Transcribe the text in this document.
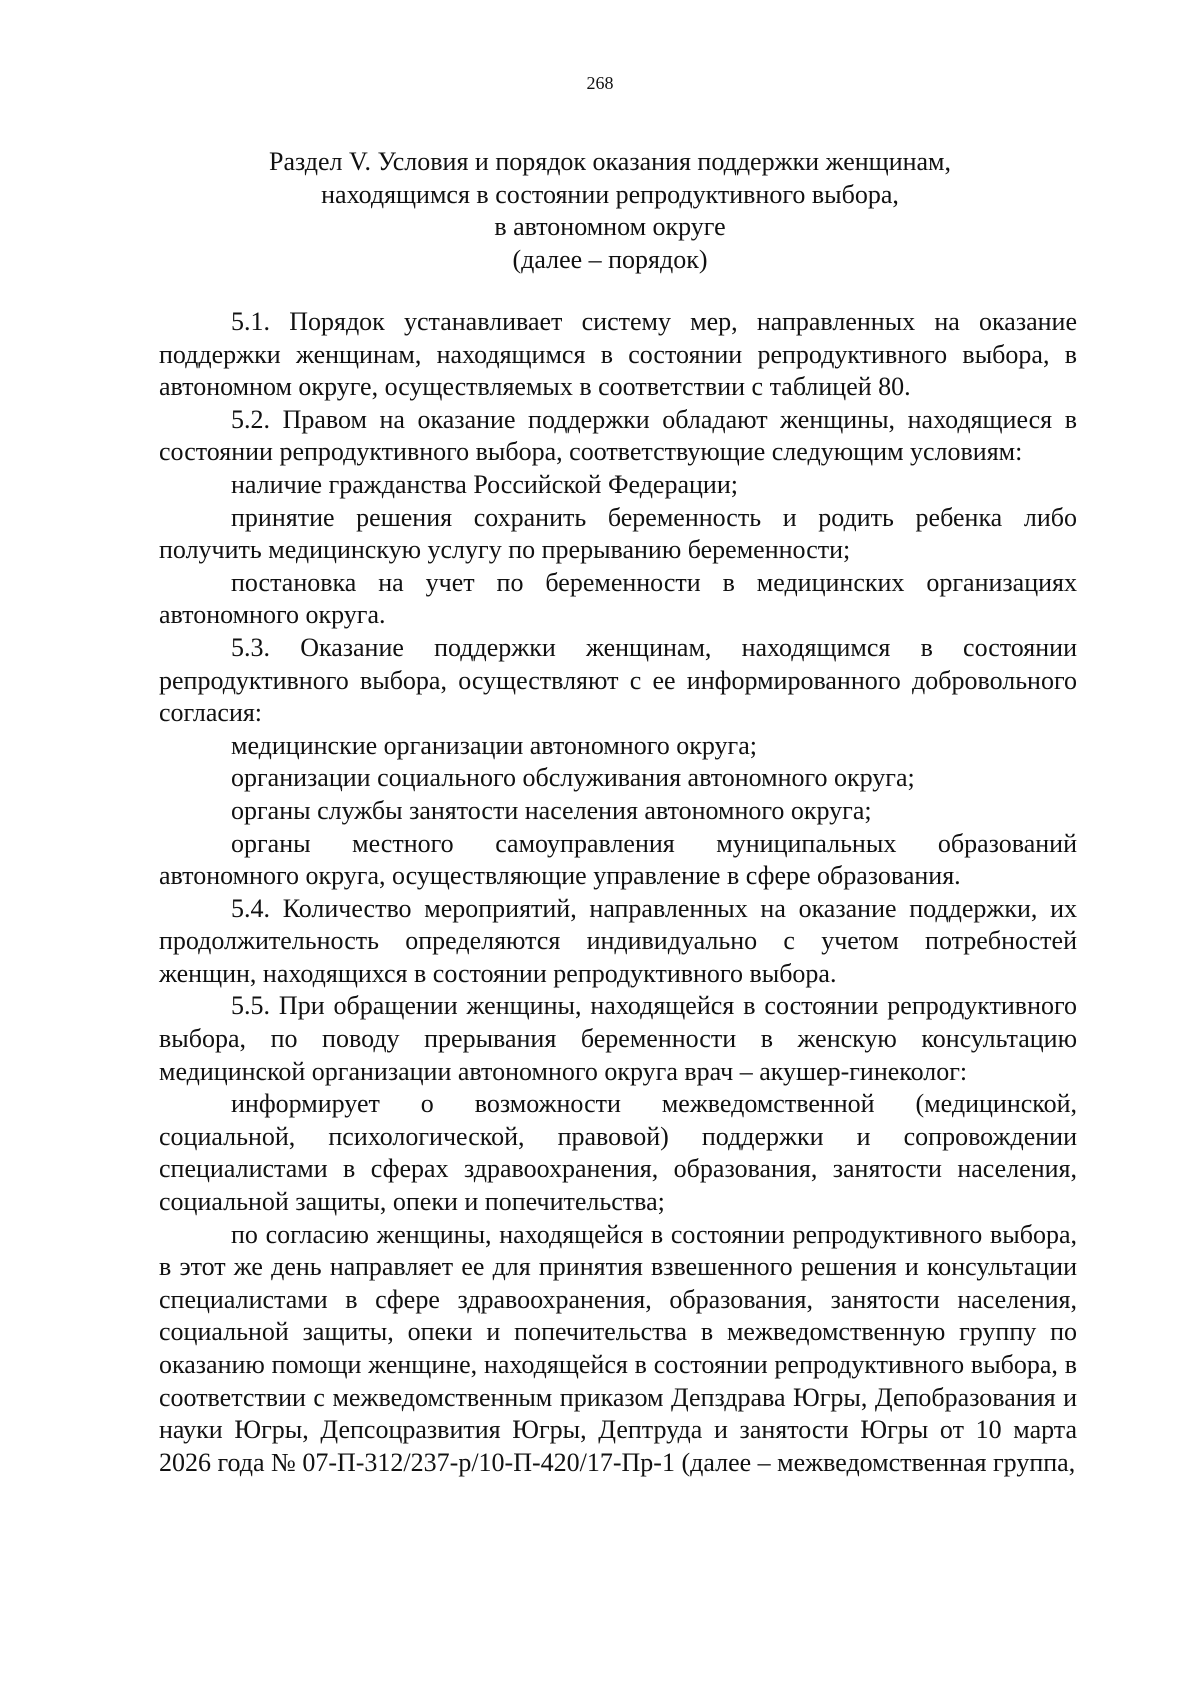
268
Раздел V. Условия и порядок оказания поддержки женщинам,
находящимся в состоянии репродуктивного выбора,
в автономном округе
(далее – порядок)

5.1. Порядок устанавливает систему мер, направленных на оказание поддержки женщинам, находящимся в состоянии репродуктивного выбора, в автономном округе, осуществляемых в соответствии с таблицей 80.

5.2. Правом на оказание поддержки обладают женщины, находящиеся в состоянии репродуктивного выбора, соответствующие следующим условиям:

наличие гражданства Российской Федерации;

принятие решения сохранить беременность и родить ребенка либо получить медицинскую услугу по прерыванию беременности;

постановка на учет по беременности в медицинских организациях автономного округа.

5.3. Оказание поддержки женщинам, находящимся в состоянии репродуктивного выбора, осуществляют с ее информированного добровольного согласия:

медицинские организации автономного округа;

организации социального обслуживания автономного округа;

органы службы занятости населения автономного округа;

органы местного самоуправления муниципальных образований автономного округа, осуществляющие управление в сфере образования.

5.4. Количество мероприятий, направленных на оказание поддержки, их продолжительность определяются индивидуально с учетом потребностей женщин, находящихся в состоянии репродуктивного выбора.

5.5. При обращении женщины, находящейся в состоянии репродуктивного выбора, по поводу прерывания беременности в женскую консультацию медицинской организации автономного округа врач – акушер-гинеколог:

информирует о возможности межведомственной (медицинской, социальной, психологической, правовой) поддержки и сопровождении специалистами в сферах здравоохранения, образования, занятости населения, социальной защиты, опеки и попечительства;

по согласию женщины, находящейся в состоянии репродуктивного выбора, в этот же день направляет ее для принятия взвешенного решения и консультации специалистами в сфере здравоохранения, образования, занятости населения, социальной защиты, опеки и попечительства в межведомственную группу по оказанию помощи женщине, находящейся в состоянии репродуктивного выбора, в соответствии с межведомственным приказом Депздрава Югры, Депобразования и науки Югры, Депсоцразвития Югры, Дептруда и занятости Югры от 10 марта 2026 года № 07-П-312/237-р/10-П-420/17-Пр-1 (далее – межведомственная группа,
